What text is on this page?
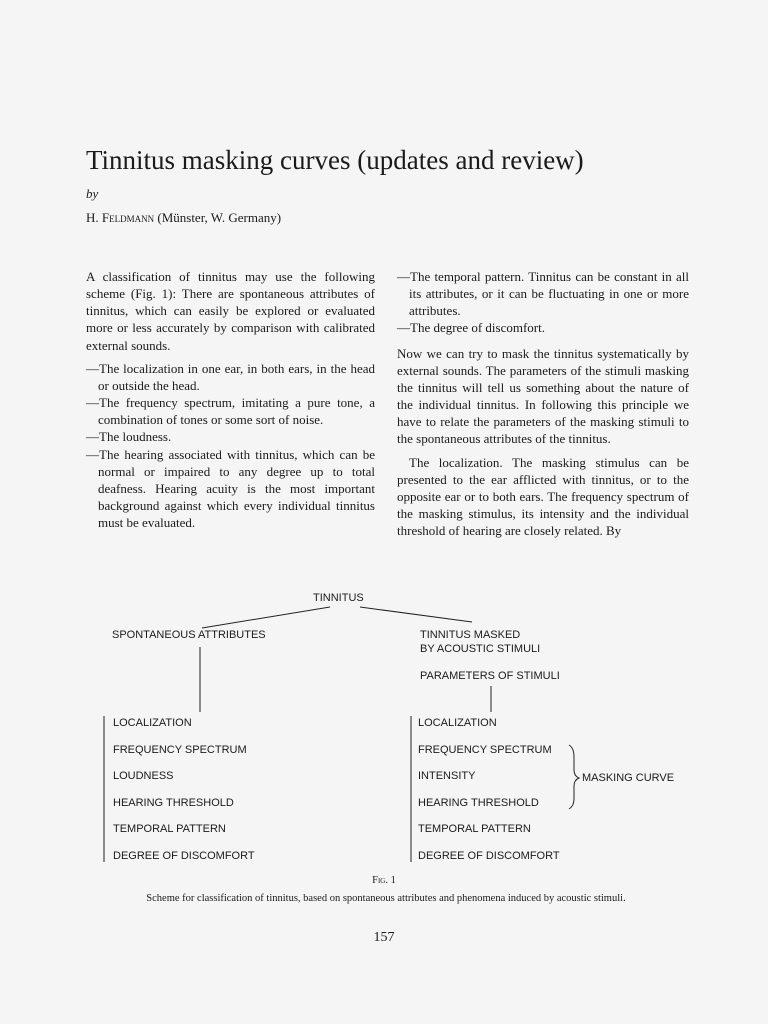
Tinnitus masking curves (updates and review)
by
H. Feldmann (Münster, W. Germany)

A classification of tinnitus may use the following scheme (Fig. 1): There are spontaneous attributes of tinnitus, which can easily be explored or evaluated more or less accurately by comparison with calibrated external sounds.

—The localization in one ear, in both ears, in the head or outside the head.

—The frequency spectrum, imitating a pure tone, a combination of tones or some sort of noise.

—The loudness.

—The hearing associated with tinnitus, which can be normal or impaired to any degree up to total deafness. Hearing acuity is the most important background against which every individual tinnitus must be evaluated.

—The temporal pattern. Tinnitus can be constant in all its attributes, or it can be fluctuating in one or more attributes.

—The degree of discomfort.

Now we can try to mask the tinnitus systematically by external sounds. The parameters of the stimuli masking the tinnitus will tell us something about the nature of the individual tinnitus. In following this principle we have to relate the parameters of the masking stimuli to the spontaneous attributes of the tinnitus.

The localization. The masking stimulus can be presented to the ear afflicted with tinnitus, or to the opposite ear or to both ears. The frequency spectrum of the masking stimulus, its intensity and the individual threshold of hearing are closely related. By

TINNITUS
SPONTANEOUS ATTRIBUTES	TINNITUS MASKED
BY ACOUSTIC STIMULI
PARAMETERS OF STIMULI
LOCALIZATION
FREQUENCY SPECTRUM
LOUDNESS
HEARING THRESHOLD
TEMPORAL PATTERN
DEGREE OF DISCOMFORT
LOCALIZATION
FREQUENCY SPECTRUM
INTENSITY
HEARING THRESHOLD
TEMPORAL PATTERN
DEGREE OF DISCOMFORT
MASKING CURVE
Fig. 1
Scheme for classification of tinnitus, based on spontaneous attributes and phenomena induced by acoustic stimuli.
157
